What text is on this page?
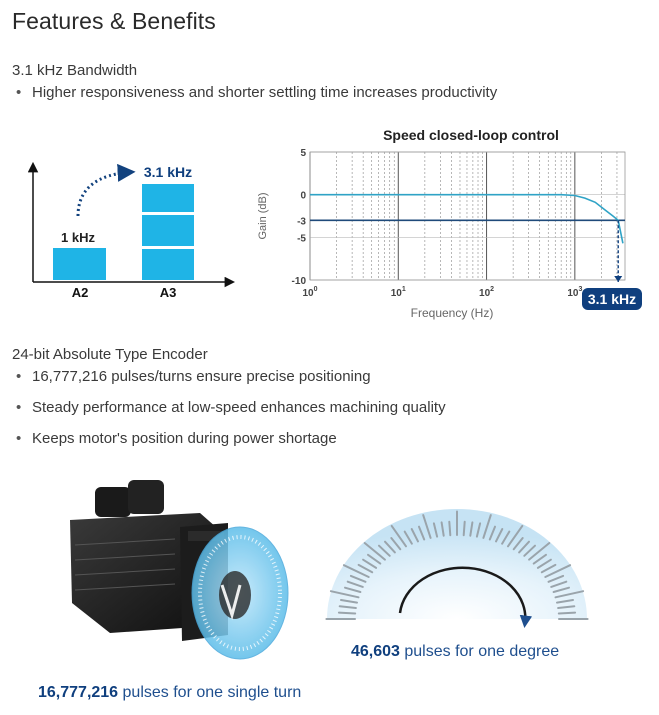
Features & Benefits
3.1 kHz Bandwidth
• Higher responsiveness and shorter settling time increases productivity
1 kHz
3.1 kHz
A2	A3
Speed closed-loop control
Gain (dB)
Frequency (Hz)
5
0
-3
-5
-10
$10^0$	$10^1$	$10^2$	$10^3$
3.1 kHz
24-bit Absolute Type Encoder
• 16,777,216 pulses/turns ensure precise positioning
• Steady performance at low-speed enhances machining quality
• Keeps motor's position during power shortage
46,603 pulses for one degree
16,777,216 pulses for one single turn
